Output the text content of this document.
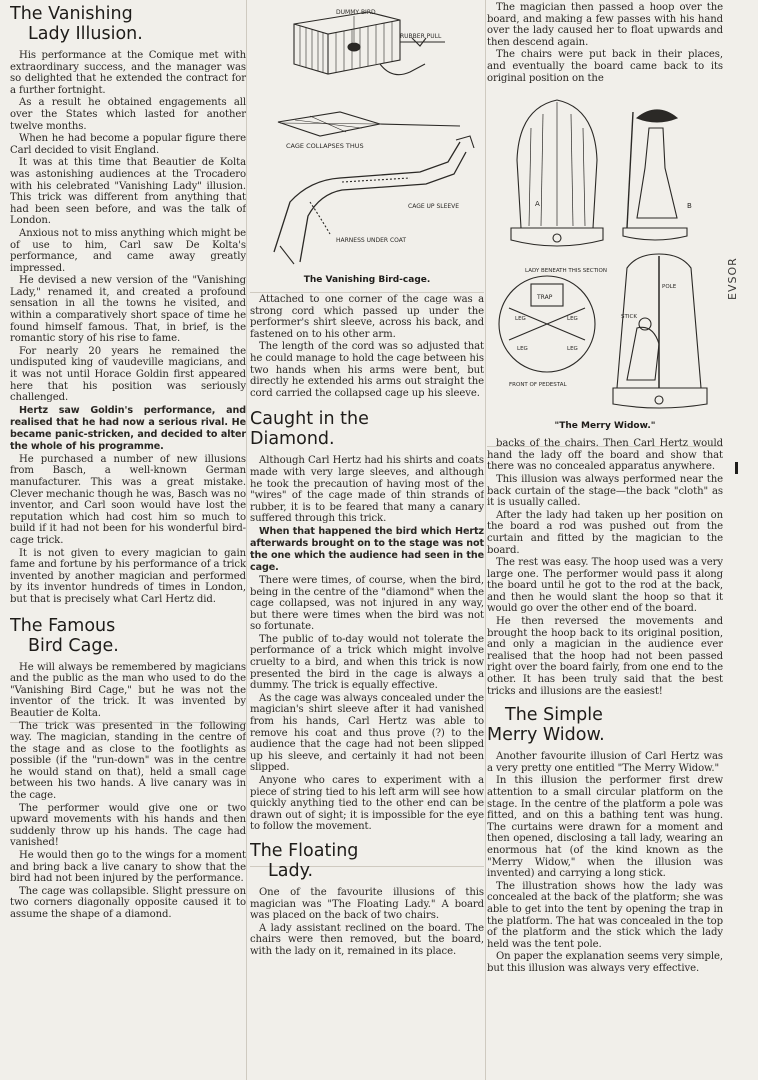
The Vanishing
Lady Illusion.

His performance at the Comique met with extraordinary success, and the manager was so delighted that he extended the contract for a further fortnight.

As a result he obtained engagements all over the States which lasted for another twelve months.

When he had become a popular figure there Carl decided to visit England.

It was at this time that Beautier de Kolta was astonishing audiences at the Trocadero with his celebrated "Vanishing Lady" illusion. This trick was different from anything that had been seen before, and was the talk of London.

Anxious not to miss anything which might be of use to him, Carl saw De Kolta's performance, and came away greatly impressed.

He devised a new version of the "Vanishing Lady," renamed it, and created a profound sensation in all the towns he visited, and within a comparatively short space of time he found himself famous. That, in brief, is the romantic story of his rise to fame.

For nearly 20 years he remained the undisputed king of vaudeville magicians, and it was not until Horace Goldin first appeared here that his position was seriously challenged.

Hertz saw Goldin's performance, and realised that he had now a serious rival. He became panic-stricken, and decided to alter the whole of his programme.

He purchased a number of new illusions from Basch, a well-known German manufacturer. This was a great mistake. Clever mechanic though he was, Basch was no inventor, and Carl soon would have lost the reputation which had cost him so much to build if it had not been for his wonderful bird-cage trick.

It is not given to every magician to gain fame and fortune by his performance of a trick invented by another magician and performed by its inventor hundreds of times in London, but that is precisely what Carl Hertz did.

The Famous
Bird Cage.

He will always be remembered by magicians and the public as the man who used to do the "Vanishing Bird Cage," but he was not the inventor of the trick. It was invented by Beautier de Kolta.

The trick was presented in the following way. The magician, standing in the centre of the stage and as close to the footlights as possible (if the "run-down" was in the centre he would stand on that), held a small cage between his two hands. A live canary was in the cage.

The performer would give one or two upward movements with his hands and then suddenly throw up his hands. The cage had vanished!

He would then go to the wings for a moment and bring back a live canary to show that the bird had not been injured by the performance.

The cage was collapsible. Slight pressure on two corners diagonally opposite caused it to assume the shape of a diamond.

DUMMY BIRD
RUBBER PULL
CAGE COLLAPSES THUS
CAGE UP SLEEVE
HARNESS UNDER COAT
The Vanishing Bird-cage.

Attached to one corner of the cage was a strong cord which passed up under the performer's shirt sleeve, across his back, and fastened on to his other arm.

The length of the cord was so adjusted that he could manage to hold the cage between his two hands when his arms were bent, but directly he extended his arms out straight the cord carried the collapsed cage up his sleeve.

Caught in the
Diamond.

Although Carl Hertz had his shirts and coats made with very large sleeves, and although he took the precaution of having most of the "wires" of the cage made of thin strands of rubber, it is to be feared that many a canary suffered through this trick.

When that happened the bird which Hertz afterwards brought on to the stage was not the one which the audience had seen in the cage.

There were times, of course, when the bird, being in the centre of the "diamond" when the cage collapsed, was not injured in any way, but there were times when the bird was not so fortunate.

The public of to-day would not tolerate the performance of a trick which might involve cruelty to a bird, and when this trick is now presented the bird in the cage is always a dummy. The trick is equally effective.

As the cage was always concealed under the magician's shirt sleeve after it had vanished from his hands, Carl Hertz was able to remove his coat and thus prove (?) to the audience that the cage had not been slipped up his sleeve, and certainly it had not been slipped.

Anyone who cares to experiment with a piece of string tied to his left arm will see how quickly anything tied to the other end can be drawn out of sight; it is impossible for the eye to follow the movement.

The Floating
Lady.

One of the favourite illusions of this magician was "The Floating Lady." A board was placed on the back of two chairs.

A lady assistant reclined on the board. The chairs were then removed, but the board, with the lady on it, remained in its place.

The magician then passed a hoop over the board, and making a few passes with his hand over the lady caused her to float upwards and then descend again.

The chairs were put back in their places, and eventually the board came back to its original position on the

A	B
LADY BENEATH THIS SECTION
TRAP
LEG	LEG
LEG	LEG
POLE
FRONT OF PEDESTAL
STICK
"The Merry Widow."

backs of the chairs. Then Carl Hertz would hand the lady off the board and show that there was no concealed apparatus anywhere.

This illusion was always performed near the back curtain of the stage—the back "cloth" as it is usually called.

After the lady had taken up her position on the board a rod was pushed out from the curtain and fitted by the magician to the board.

The rest was easy. The hoop used was a very large one. The performer would pass it along the board until he got to the rod at the back, and then he would slant the hoop so that it would go over the other end of the board.

He then reversed the movements and brought the hoop back to its original position, and only a magician in the audience ever realised that the hoop had not been passed right over the board fairly, from one end to the other. It has been truly said that the best tricks and illusions are the easiest!

The Simple
Merry Widow.

Another favourite illusion of Carl Hertz was a very pretty one entitled "The Merry Widow."

In this illusion the performer first drew attention to a small circular platform on the stage. In the centre of the platform a pole was fitted, and on this a bathing tent was hung. The curtains were drawn for a moment and then opened, disclosing a tall lady, wearing an enormous hat (of the kind known as the "Merry Widow," when the illusion was invented) and carrying a long stick.

The illustration shows how the lady was concealed at the back of the platform; she was able to get into the tent by opening the trap in the platform. The hat was concealed in the top of the platform and the stick which the lady held was the tent pole.

On paper the explanation seems very simple, but this illusion was always very effective.

EVSOR
